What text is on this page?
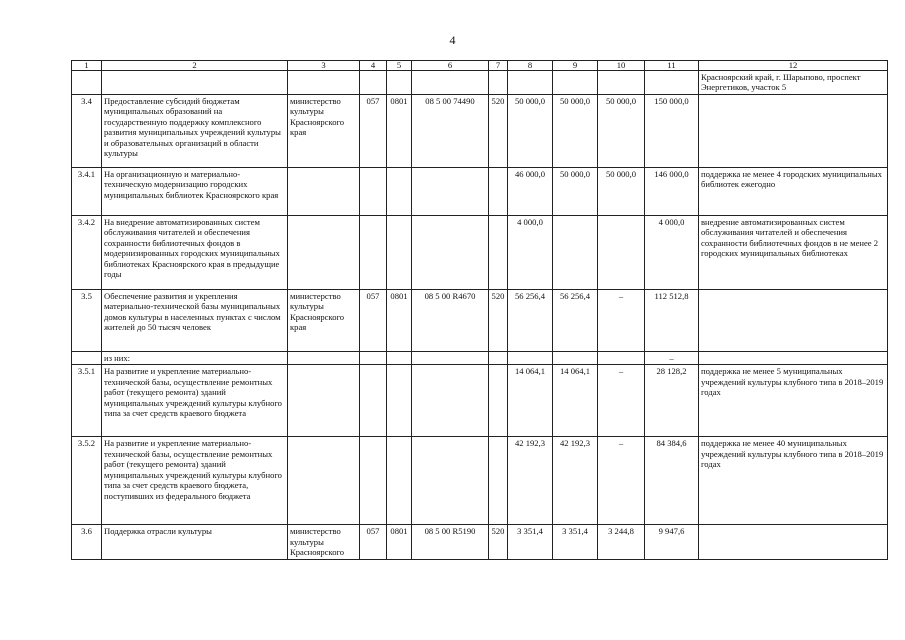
4
1	2	3	4	5	6	7	8	9	10	11	12
											Красноярский край, г. Шарыпово, проспект Энергетиков, участок 5
3.4	Предоставление субсидий бюджетам муниципальных образований на государственную поддержку комплексного развития муниципальных учреждений культуры и образовательных организаций в области культуры	министерство культуры Красноярского края	057	0801	08 5 00 74490	520	50 000,0	50 000,0	50 000,0	150 000,0	
3.4.1	На организационную и материально-техническую модернизацию городских муниципальных библиотек Красноярского края						46 000,0	50 000,0	50 000,0	146 000,0	поддержка не менее 4 городских муниципальных библиотек ежегодно
3.4.2	На внедрение автоматизированных систем обслуживания читателей и обеспечения сохранности библиотечных фондов в модернизированных городских муниципальных библиотеках Красноярского края в предыдущие годы						4 000,0			4 000,0	внедрение автоматизированных систем обслуживания читателей и обеспечения сохранности библиотечных фондов в не менее 2 городских муниципальных библиотеках
3.5	Обеспечение развития и укрепления материально-технической базы муниципальных домов культуры в населенных пунктах с числом жителей до 50 тысяч человек	министерство культуры Красноярского края	057	0801	08 5 00 R4670	520	56 256,4	56 256,4	–	112 512,8	
	из них:									–	
3.5.1	На развитие и укрепление материально-технической базы, осуществление ремонтных работ (текущего ремонта) зданий муниципальных учреждений культуры клубного типа за счет средств краевого бюджета						14 064,1	14 064,1	–	28 128,2	поддержка не менее 5 муниципальных учреждений культуры клубного типа в 2018–2019 годах
3.5.2	На развитие и укрепление материально-технической базы, осуществление ремонтных работ (текущего ремонта) зданий муниципальных учреждений культуры клубного типа за счет средств краевого бюджета, поступивших из федерального бюджета						42 192,3	42 192,3	–	84 384,6	поддержка не менее 40 муниципальных учреждений культуры клубного типа в 2018–2019 годах
3.6	Поддержка отрасли культуры	министерство культуры Красноярского	057	0801	08 5 00 R5190	520	3 351,4	3 351,4	3 244,8	9 947,6	
